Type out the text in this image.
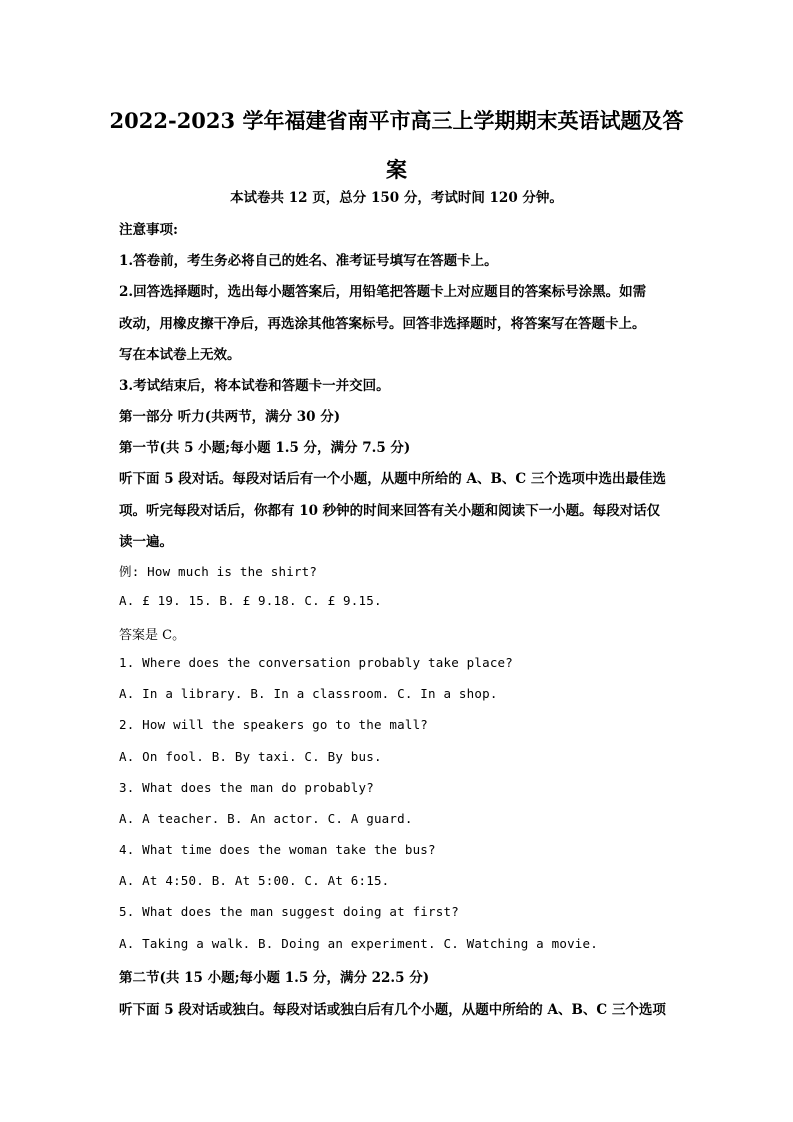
2022-2023 学年福建省南平市高三上学期期末英语试题及答案

本试卷共 12 页，总分 150 分，考试时间 120 分钟。

注意事项:

1.答卷前，考生务必将自己的姓名、准考证号填写在答题卡上。

2.回答选择题时，选出每小题答案后，用铅笔把答题卡上对应题目的答案标号涂黑。如需

改动，用橡皮擦干净后，再选涂其他答案标号。回答非选择题时，将答案写在答题卡上。

写在本试卷上无效。

3.考试结束后，将本试卷和答题卡一并交回。

第一部分 听力(共两节，满分 30 分)

第一节(共 5 小题;每小题 1.5 分，满分 7.5 分)

听下面 5 段对话。每段对话后有一个小题，从题中所给的 A、B、C 三个选项中选出最佳选

项。听完每段对话后，你都有 10 秒钟的时间来回答有关小题和阅读下一小题。每段对话仅

读一遍。

例: How much is the shirt?

A. £ 19. 15. B. £ 9.18. C. £ 9.15.

答案是 C。

1. Where does the conversation probably take place?

A. In a library. B. In a classroom. C. In a shop.

2. How will the speakers go to the mall?

A. On fool. B. By taxi. C. By bus.

3. What does the man do probably?

A. A teacher. B. An actor. C. A guard.

4. What time does the woman take the bus?

A. At 4:50. B. At 5:00. C. At 6:15.

5. What does the man suggest doing at first?

A. Taking a walk. B. Doing an experiment. C. Watching a movie.

第二节(共 15 小题;每小题 1.5 分，满分 22.5 分)

听下面 5 段对话或独白。每段对话或独白后有几个小题，从题中所给的 A、B、C 三个选项
